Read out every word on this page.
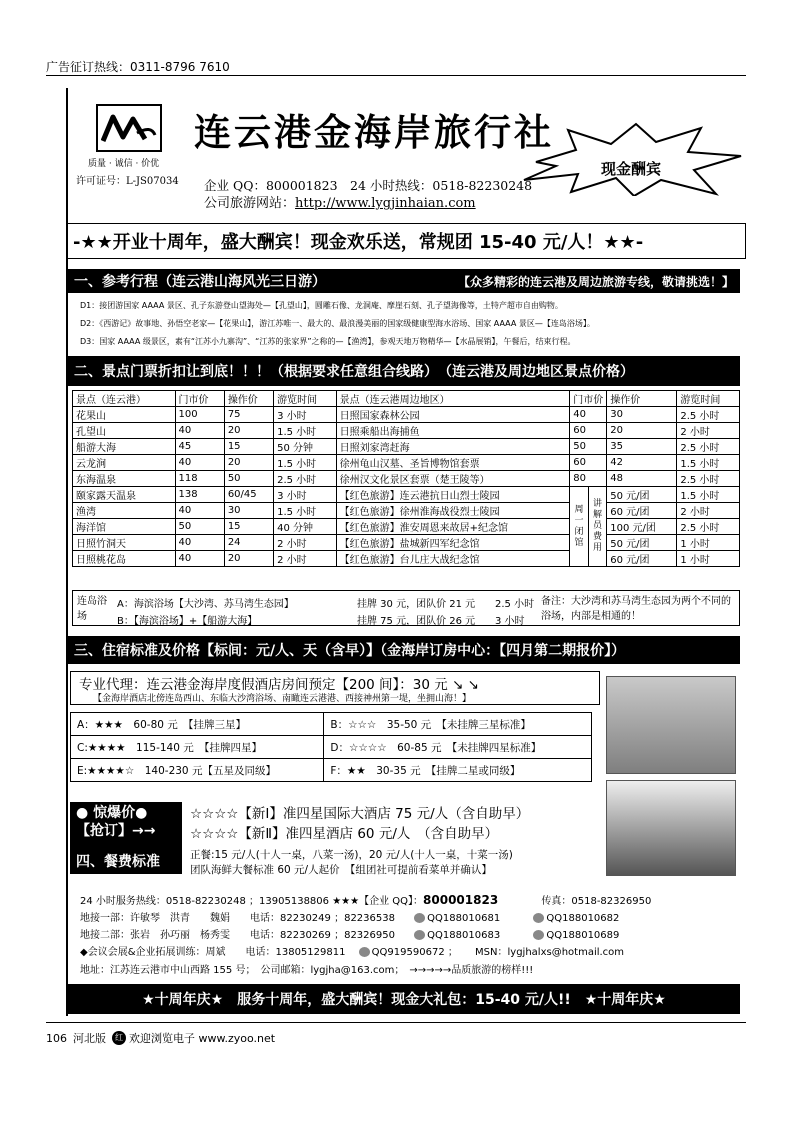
广告征订热线：0311-8796 7610
质量 · 诚信 · 价优
许可证号：L-JS07034
连云港金海岸旅行社
现金酬宾
企业 QQ：800001823　24 小时热线：0518-82230248
公司旅游网站：http://www.lygjinhaian.com
-★★开业十周年，盛大酬宾！现金欢乐送，常规团 15-40 元/人！★★-
一、参考行程（连云港山海风光三日游）	【众多精彩的连云港及周边旅游专线，敬请挑选！】
D1：接团游国家 AAAA 景区、孔子东游登山望海处—【孔望山】，圆雕石像、龙洞庵、摩崖石刻、孔子望海像等，土特产超市自由购物。
D2：《西游记》故事地、孙悟空老家—【花果山】，游江苏唯一、最大的、最浪漫美丽的国家级健康型海水浴场、国家 AAAA 景区—【连岛浴场】。
D3：国家 AAAA 级景区，素有“江苏小九寨沟”、“江苏的张家界”之称的—【渔湾】，参观天地万物精华—【水晶展销】，午餐后，结束行程。
二、景点门票折扣让到底！！！（根据要求任意组合线路）　（连云港及周边地区景点价格）
景点（连云港）	门市价	操作价	游览时间	景点（连云港周边地区）	门市价		操作价	游览时间
花果山	100	75	3 小时	日照国家森林公园	40		30	2.5 小时
孔望山	40	20	1.5 小时	日照乘船出海捕鱼	60		20	2 小时
船游大海	45	15	50 分钟	日照刘家湾赶海	50		35	2.5 小时
云龙涧	40	20	1.5 小时	徐州龟山汉墓、圣旨博物馆套票	60		42	1.5 小时
东海温泉	118	50	2.5 小时	徐州汉文化景区套票（楚王陵等）	80		48	2.5 小时
颐家露天温泉	138	60/45	3 小时	【红色旅游】连云港抗日山烈士陵园	周一闭馆	讲解员费用	50 元/团	1.5 小时
渔湾	40	30	1.5 小时	【红色旅游】徐州淮海战役烈士陵园			60 元/团	2 小时
海洋馆	50	15	40 分钟	【红色旅游】淮安周恩来故居+纪念馆			100 元/团	2.5 小时
日照竹洞天	40	24	2 小时	【红色旅游】盐城新四军纪念馆			50 元/团	1 小时
日照桃花岛	40	20	2 小时	【红色旅游】台儿庄大战纪念馆			60 元/团	1 小时
连岛浴场
A：海滨浴场【大沙湾、苏马湾生态园】	挂牌 30 元，团队价 21 元 2.5 小时
B：【海滨浴场】+【船游大海】	挂牌 75 元，团队价 26 元 3 小时
备注：大沙湾和苏马湾生态园为两个不同的浴场，内部是相通的！
三、住宿标准及价格【标间：元/人、天（含早）】（金海岸订房中心：【四月第二期报价】）
专业代理：连云港金海岸度假酒店房间预定【200 间】：30 元 ↘ ↘
【金海岸酒店北傍连岛西山、东临大沙湾浴场、南瞰连云港港、西接神州第一堤，坐拥山海！】
A：★★★　60-80 元　【挂牌三星】	B：☆☆☆　35-50 元　【未挂牌三星标准】
C:★★★★　115-140 元　【挂牌四星】	D：☆☆☆☆　60-85 元　【未挂牌四星标准】
E:★★★★☆　140-230 元【五星及同级】	F：★★　30-35 元　【挂牌二星或同级】
● 惊爆价●
【抢订】→→
☆☆☆☆【新Ⅰ】准四星国际大酒店 75 元/人（含自助早）
☆☆☆☆【新Ⅱ】准四星酒店 60 元/人　（含自助早）
四、餐费标准	正餐:15 元/人(十人一桌，八菜一汤)，20 元/人(十人一桌，十菜一汤)
团队海鲜大餐标准 60 元/人起价　【组团社可提前看菜单并确认】
24 小时服务热线：0518-82230248 ；13905138806 ★★★【企业 QQ】：800001823	传真：0518-82326950
地接一部：许敏琴　洪青　　魏娟　　电话：82230249 ；82236538	QQ188010681	QQ188010682
地接二部：张岩　孙巧丽　杨秀雯　　电话：82230269 ；82326950	QQ188010683	QQ188010689
◆会议会展&企业拓展训练：周斌　　电话：13805129811	QQ919590672 ； MSN：lygjhalxs@hotmail.com
地址：江苏连云港市中山西路 155 号；　公司邮箱：lygjha@163.com；　→→→→→品质旅游的榜样!!!
★十周年庆★　服务十周年，盛大酬宾！现金大礼包：15-40 元/人!!　★十周年庆★
106 河北版	红 欢迎浏览电子 www.zyoo.net
